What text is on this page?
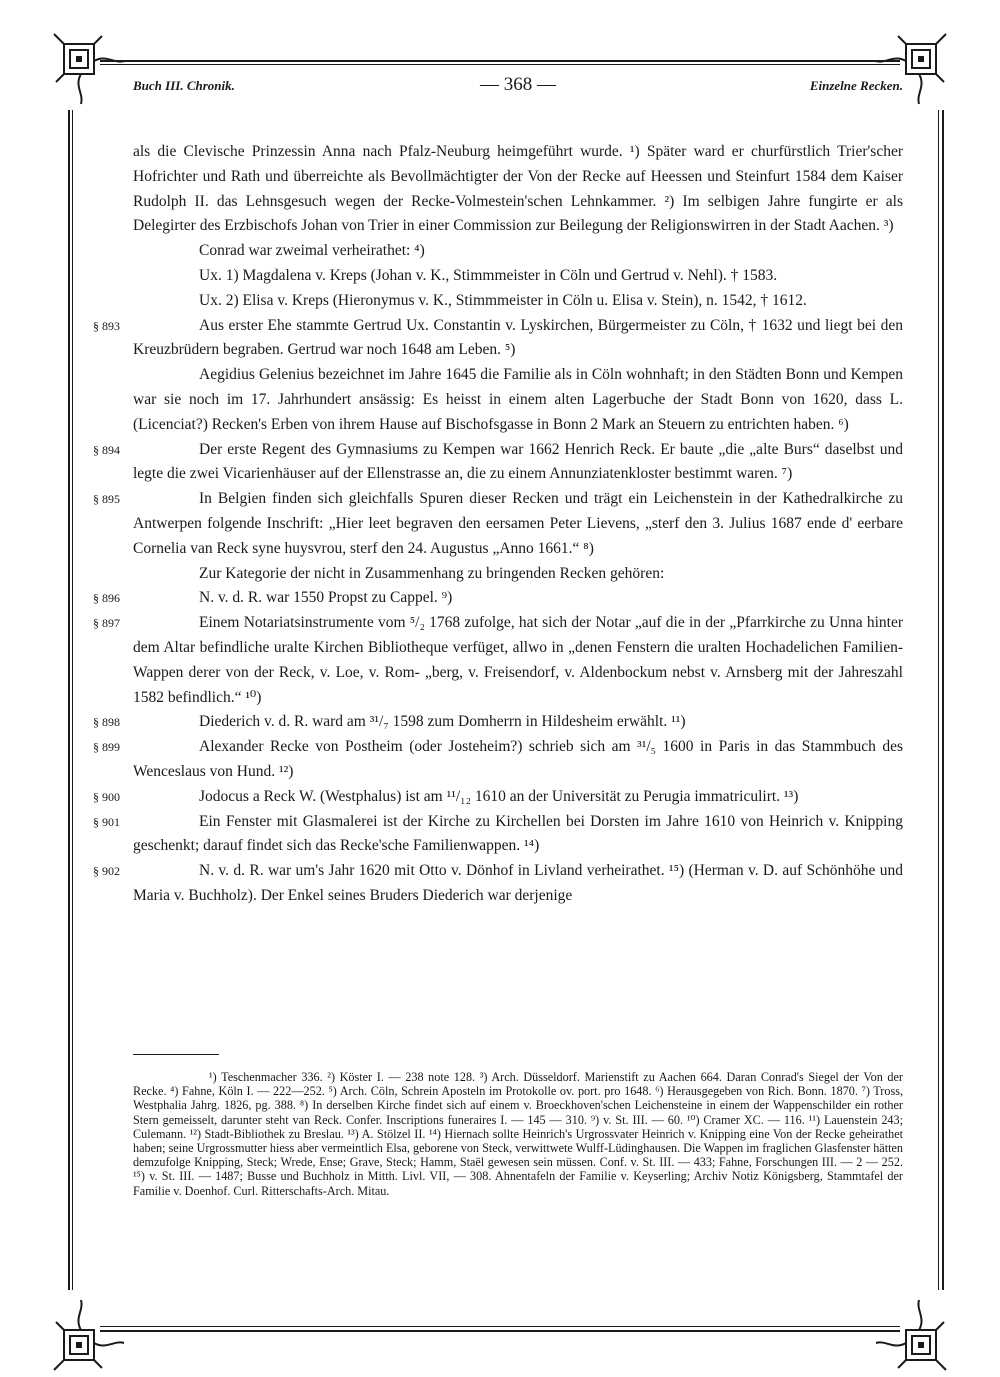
Buch III. Chronik.	— 368 —	Einzelne Recken.

als die Clevische Prinzessin Anna nach Pfalz-Neuburg heimgeführt wurde. ¹) Später ward er churfürstlich Trier'scher Hofrichter und Rath und überreichte als Bevollmächtigter der Von der Recke auf Heessen und Steinfurt 1584 dem Kaiser Rudolph II. das Lehnsgesuch wegen der Recke-Volmestein'schen Lehnkammer. ²) Im selbigen Jahre fungirte er als Delegirter des Erzbischofs Johan von Trier in einer Commission zur Beilegung der Religionswirren in der Stadt Aachen. ³)

Conrad war zweimal verheirathet: ⁴)

Ux. 1) Magdalena v. Kreps (Johan v. K., Stimmmeister in Cöln und Gertrud v. Nehl). † 1583.

Ux. 2) Elisa v. Kreps (Hieronymus v. K., Stimmmeister in Cöln u. Elisa v. Stein), n. 1542, † 1612.

§ 893	Aus erster Ehe stammte Gertrud Ux. Constantin v. Lyskirchen, Bürgermeister zu Cöln, † 1632 und liegt bei den Kreuzbrüdern begraben. Gertrud war noch 1648 am Leben. ⁵)

Aegidius Gelenius bezeichnet im Jahre 1645 die Familie als in Cöln wohnhaft; in den Städten Bonn und Kempen war sie noch im 17. Jahrhundert ansässig: Es heisst in einem alten Lagerbuche der Stadt Bonn von 1620, dass L. (Licenciat?) Recken's Erben von ihrem Hause auf Bischofsgasse in Bonn 2 Mark an Steuern zu entrichten haben. ⁶)

§ 894	Der erste Regent des Gymnasiums zu Kempen war 1662 Henrich Reck. Er baute „die „alte Burs“ daselbst und legte die zwei Vicarienhäuser auf der Ellenstrasse an, die zu einem Annunziatenkloster bestimmt waren. ⁷)

§ 895	In Belgien finden sich gleichfalls Spuren dieser Recken und trägt ein Leichenstein in der Kathedralkirche zu Antwerpen folgende Inschrift: „Hier leet begraven den eersamen Peter Lievens, „sterf den 3. Julius 1687 ende d' eerbare Cornelia van Reck syne huysvrou, sterf den 24. Augustus „Anno 1661.“ ⁸)

Zur Kategorie der nicht in Zusammenhang zu bringenden Recken gehören:

§ 896	N. v. d. R. war 1550 Propst zu Cappel. ⁹)

§ 897	Einem Notariatsinstrumente vom ⁵/₂ 1768 zufolge, hat sich der Notar „auf die in der „Pfarrkirche zu Unna hinter dem Altar befindliche uralte Kirchen Bibliotheque verfüget, allwo in „denen Fenstern die uralten Hochadelichen Familien-Wappen derer von der Reck, v. Loe, v. Rom- „berg, v. Freisendorf, v. Aldenbockum nebst v. Arnsberg mit der Jahreszahl 1582 befindlich.“ ¹⁰)

§ 898	Diederich v. d. R. ward am ³¹/₇ 1598 zum Domherrn in Hildesheim erwählt. ¹¹)

§ 899	Alexander Recke von Postheim (oder Josteheim?) schrieb sich am ³¹/₅ 1600 in Paris in das Stammbuch des Wenceslaus von Hund. ¹²)

§ 900	Jodocus a Reck W. (Westphalus) ist am ¹¹/₁₂ 1610 an der Universität zu Perugia immatriculirt. ¹³)

§ 901	Ein Fenster mit Glasmalerei ist der Kirche zu Kirchellen bei Dorsten im Jahre 1610 von Heinrich v. Knipping geschenkt; darauf findet sich das Recke'sche Familienwappen. ¹⁴)

§ 902	N. v. d. R. war um's Jahr 1620 mit Otto v. Dönhof in Livland verheirathet. ¹⁵) (Herman v. D. auf Schönhöhe und Maria v. Buchholz). Der Enkel seines Bruders Diederich war derjenige

¹) Teschenmacher 336. ²) Köster I. — 238 note 128. ³) Arch. Düsseldorf. Marienstift zu Aachen 664. Daran Conrad's Siegel der Von der Recke. ⁴) Fahne, Köln I. — 222—252. ⁵) Arch. Cöln, Schrein Aposteln im Protokolle ov. port. pro 1648. ⁶) Herausgegeben von Rich. Bonn. 1870. ⁷) Tross, Westphalia Jahrg. 1826, pg. 388. ⁸) In derselben Kirche findet sich auf einem v. Broeckhoven'schen Leichensteine in einem der Wappenschilder ein rother Stern gemeisselt, darunter steht van Reck. Confer. Inscriptions funeraires I. — 145 — 310. ⁹) v. St. III. — 60. ¹⁰) Cramer XC. — 116. ¹¹) Lauenstein 243; Culemann. ¹²) Stadt-Bibliothek zu Breslau. ¹³) A. Stölzel II. ¹⁴) Hiernach sollte Heinrich's Urgrossvater Heinrich v. Knipping eine Von der Recke geheirathet haben; seine Urgrossmutter hiess aber vermeintlich Elsa, geborene von Steck, verwittwete Wulff-Lüdinghausen. Die Wappen im fraglichen Glasfenster hätten demzufolge Knipping, Steck; Wrede, Ense; Grave, Steck; Hamm, Staël gewesen sein müssen. Conf. v. St. III. — 433; Fahne, Forschungen III. — 2 — 252. ¹⁵) v. St. III. — 1487; Busse und Buchholz in Mitth. Livl. VII, — 308. Ahnentafeln der Familie v. Keyserling; Archiv Notiz Königsberg, Stammtafel der Familie v. Doenhof. Curl. Ritterschafts-Arch. Mitau.
